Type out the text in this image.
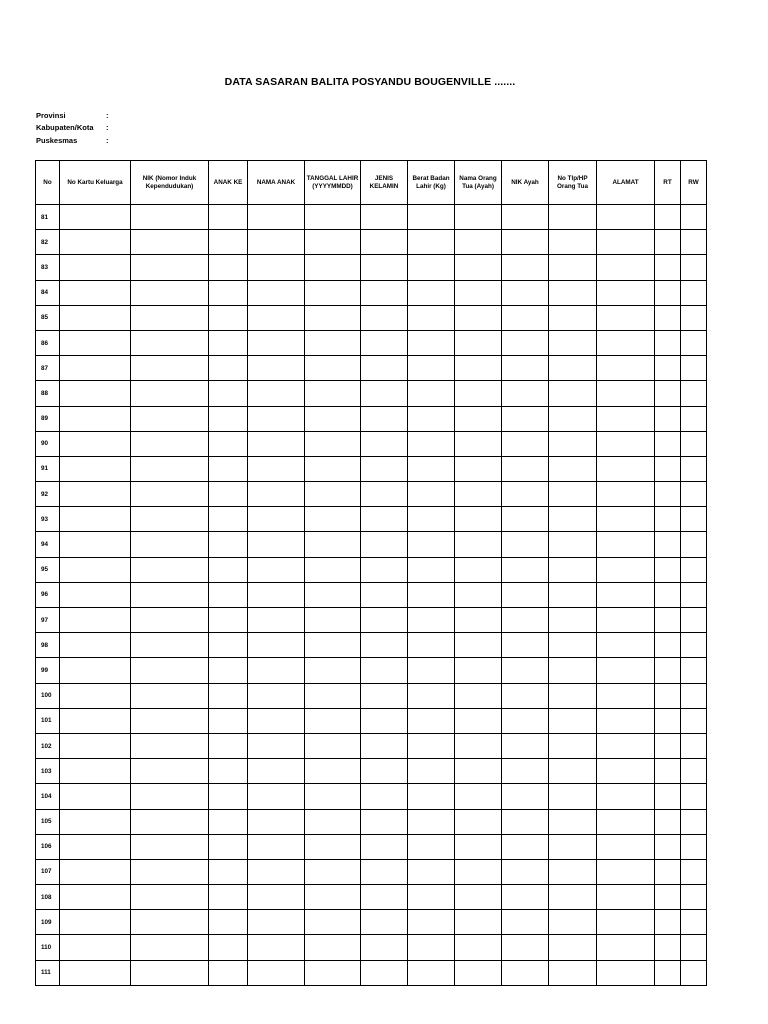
DATA SASARAN BALITA POSYANDU BOUGENVILLE .......
Provinsi	:
Kabupaten/Kota	:
Puskesmas	:
No	No Kartu Keluarga	NIK (Nomor Induk Kependudukan)	ANAK KE	NAMA ANAK	TANGGAL LAHIR (YYYYMMDD)	JENIS KELAMIN	Berat Badan Lahir (Kg)	Nama Orang Tua (Ayah)	NIK Ayah	No Tlp/HP Orang Tua	ALAMAT	RT	RW
81													
82													
83													
84													
85													
86													
87													
88													
89													
90													
91													
92													
93													
94													
95													
96													
97													
98													
99													
100													
101													
102													
103													
104													
105													
106													
107													
108													
109													
110													
111													
